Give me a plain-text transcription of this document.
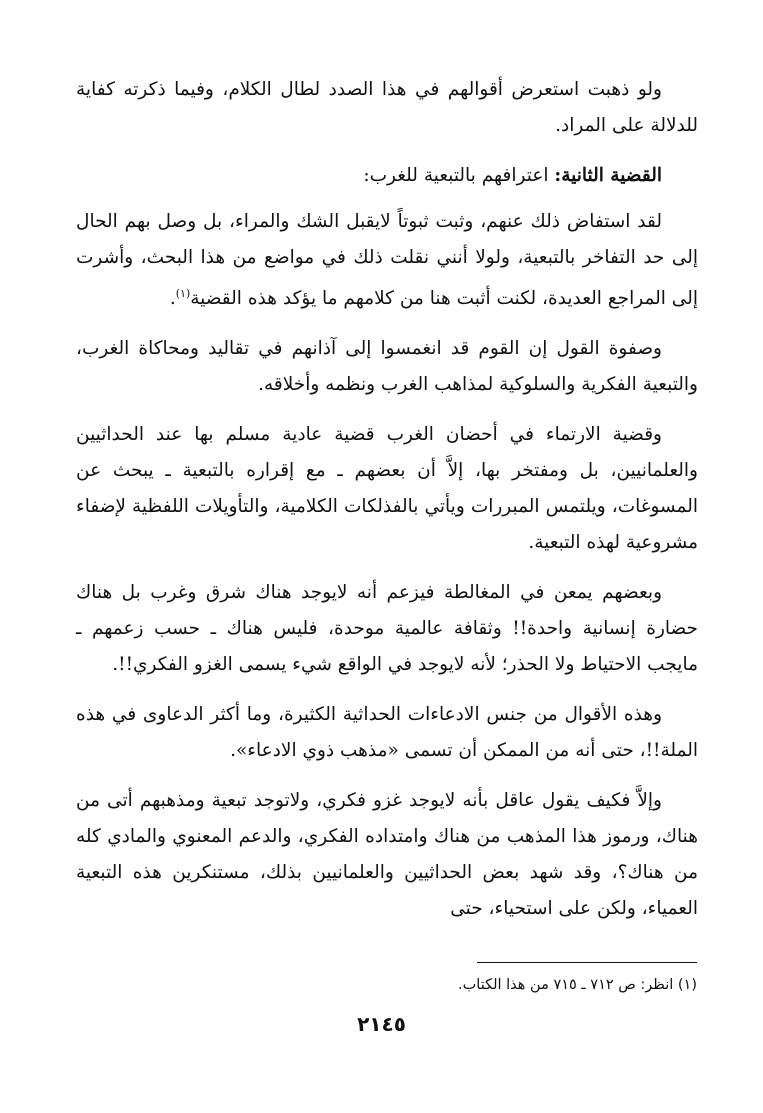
ولو ذهبت استعرض أقوالهم في هذا الصدد لطال الكلام، وفيما ذكرته كفاية للدلالة على المراد.

القضية الثانية: اعترافهم بالتبعية للغرب:

لقد استفاض ذلك عنهم، وثبت ثبوتاً لايقبل الشك والمراء، بل وصل بهم الحال إلى حد التفاخر بالتبعية، ولولا أنني نقلت ذلك في مواضع من هذا البحث، وأشرت إلى المراجع العديدة، لكنت أثبت هنا من كلامهم ما يؤكد هذه القضية$^{(١)}$.

وصفوة القول إن القوم قد انغمسوا إلى آذانهم في تقاليد ومحاكاة الغرب، والتبعية الفكرية والسلوكية لمذاهب الغرب ونظمه وأخلاقه.

وقضية الارتماء في أحضان الغرب قضية عادية مسلم بها عند الحداثيين والعلمانيين، بل ومفتخر بها، إلاَّ أن بعضهم ـ مع إقراره بالتبعية ـ يبحث عن المسوغات، ويلتمس المبررات ويأتي بالفذلكات الكلامية، والتأويلات اللفظية لإضفاء مشروعية لهذه التبعية.

وبعضهم يمعن في المغالطة فيزعم أنه لايوجد هناك شرق وغرب بل هناك حضارة إنسانية واحدة!! وثقافة عالمية موحدة، فليس هناك ـ حسب زعمهم ـ مايجب الاحتياط ولا الحذر؛ لأنه لايوجد في الواقع شيء يسمى الغزو الفكري!!.

وهذه الأقوال من جنس الادعاءات الحداثية الكثيرة، وما أكثر الدعاوى في هذه الملة!!، حتى أنه من الممكن أن تسمى «مذهب ذوي الادعاء».

وإلاَّ فكيف يقول عاقل بأنه لايوجد غزو فكري، ولاتوجد تبعية ومذهبهم أتى من هناك، ورموز هذا المذهب من هناك وامتداده الفكري، والدعم المعنوي والمادي كله من هناك؟، وقد شهد بعض الحداثيين والعلمانيين بذلك، مستنكرين هذه التبعية العمياء، ولكن على استحياء، حتى

(١) انظر: ص ٧١٢ ـ ٧١٥ من هذا الكتاب.
٢١٤٥
